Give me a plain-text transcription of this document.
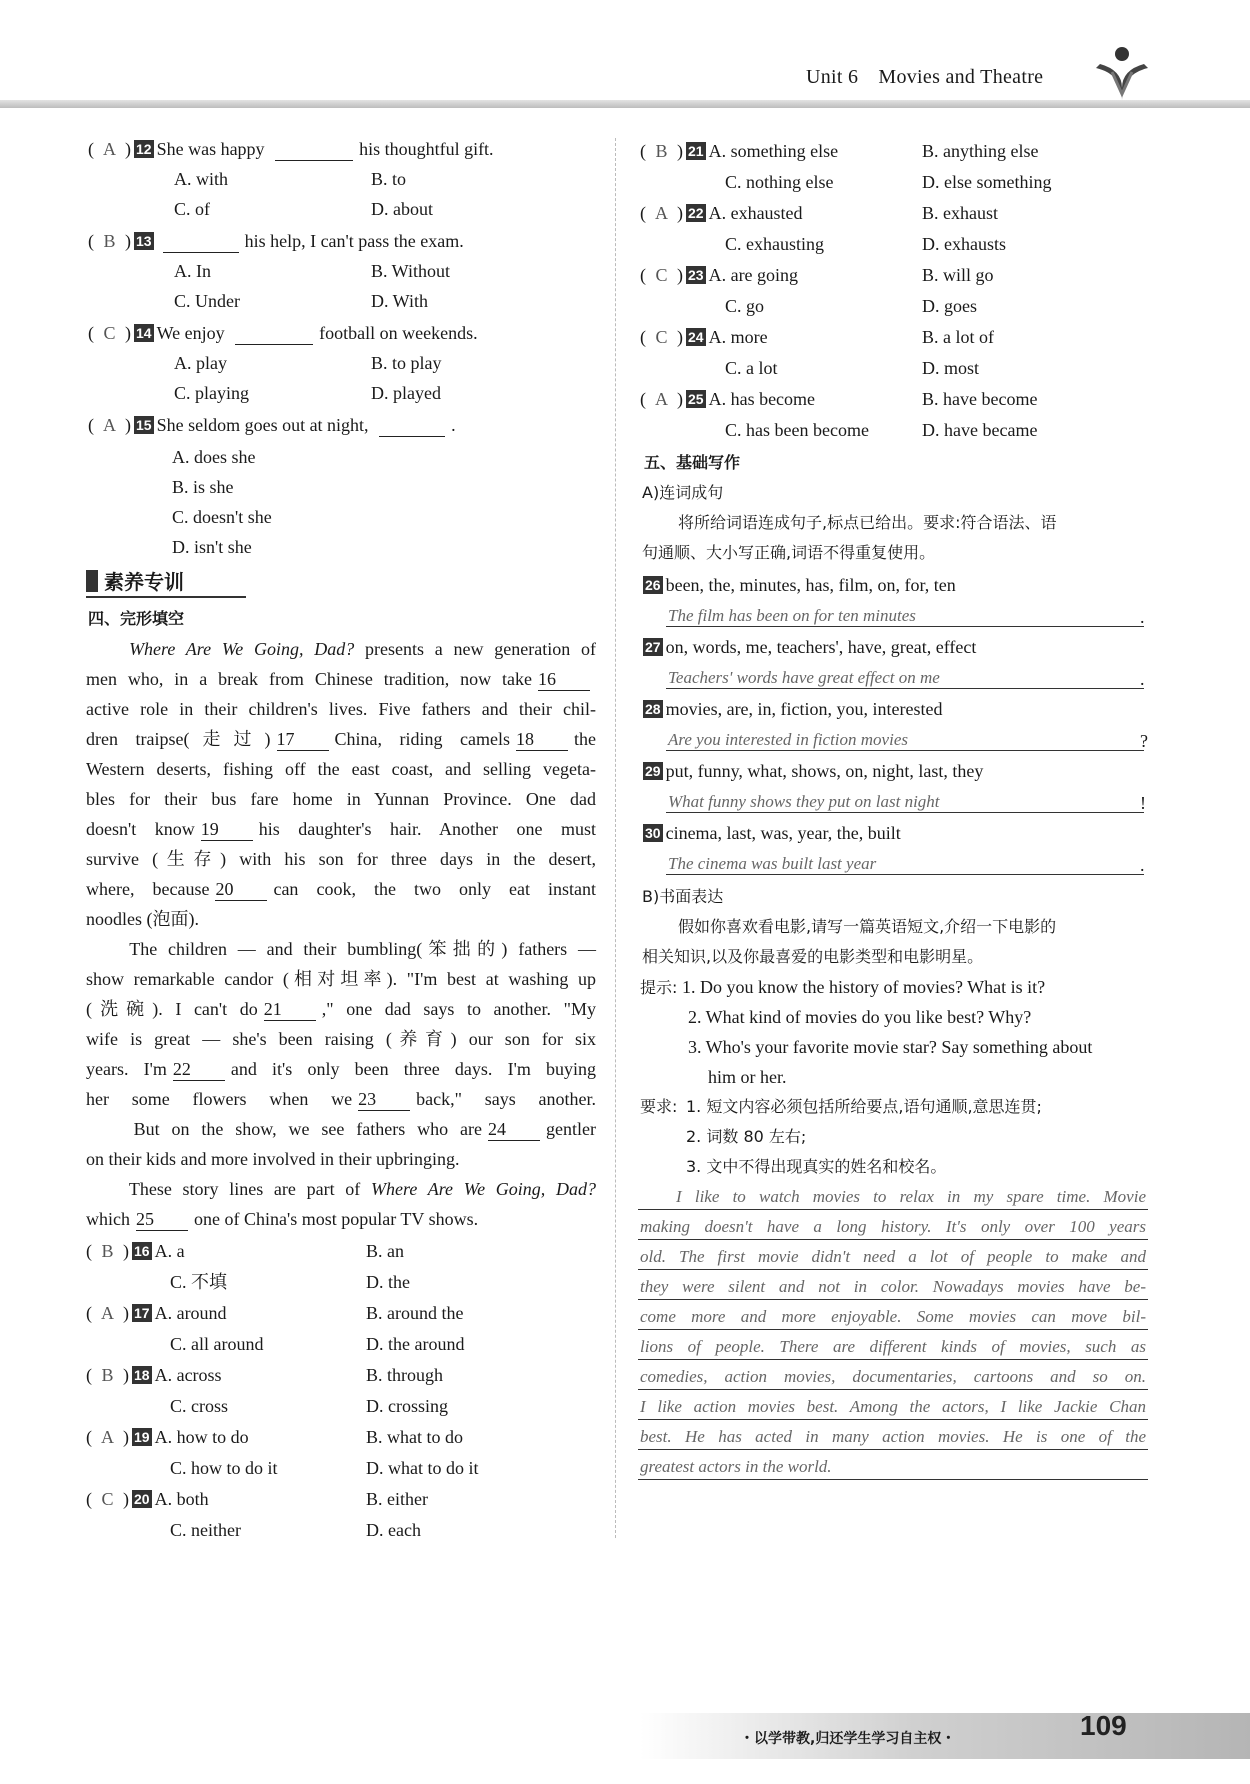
Unit 6 Movies and Theatre
( A ) 12 She was happy	his thoughtful gift.
A. with	B. to
C. of	D. about
( B ) 13	his help, I can't pass the exam.
A. In	B. Without
C. Under	D. With
( C ) 14 We enjoy	football on weekends.
A. play	B. to play
C. playing	D. played
( A ) 15 She seldom goes out at night,	.
A. does she
B. is she
C. doesn't she
D. isn't she
素养专训
四、完形填空
Where Are We Going, Dad? presents a new generation of
men who, in a break from Chinese tradition, now take 16
active role in their children's lives. Five fathers and their chil-
dren traipse(走过) 17 China, riding camels 18 the
Western deserts, fishing off the east coast, and selling vegeta-
bles for their bus fare home in Yunnan Province. One dad
doesn't know 19 his daughter's hair. Another one must
survive (生存) with his son for three days in the desert,
where, because 20 can cook, the two only eat instant
noodles (泡面).
The children — and their bumbling(笨拙的) fathers —
show remarkable candor (相对坦率). "I'm best at washing up
(洗碗). I can't do 21 ," one dad says to another. "My
wife is great — she's been raising (养育) our son for six
years. I'm 22 and it's only been three days. I'm buying
her some flowers when we 23 back," says another.
But on the show, we see fathers who are 24 gentler
on their kids and more involved in their upbringing.
These story lines are part of Where Are We Going, Dad?
which 25 one of China's most popular TV shows.
( B ) 16 A. a	B. an
C. 不填	D. the
( A ) 17 A. around	B. around the
C. all around	D. the around
( B ) 18 A. across	B. through
C. cross	D. crossing
( A ) 19 A. how to do	B. what to do
C. how to do it	D. what to do it
( C ) 20 A. both	B. either
C. neither	D. each
( B ) 21 A. something else	B. anything else
C. nothing else	D. else something
( A ) 22 A. exhausted	B. exhaust
C. exhausting	D. exhausts
( C ) 23 A. are going	B. will go
C. go	D. goes
( C ) 24 A. more	B. a lot of
C. a lot	D. most
( A ) 25 A. has become	B. have become
C. has been become	D. have became
五、基础写作
A)连词成句
将所给词语连成句子,标点已给出。要求:符合语法、语
句通顺、大小写正确,词语不得重复使用。
26 been, the, minutes, has, film, on, for, ten
The film has been on for ten minutes	.
27 on, words, me, teachers', have, great, effect
Teachers' words have great effect on me	.
28 movies, are, in, fiction, you, interested
Are you interested in fiction movies	?
29 put, funny, what, shows, on, night, last, they
What funny shows they put on last night	!
30 cinema, last, was, year, the, built
The cinema was built last year	.
B)书面表达
假如你喜欢看电影,请写一篇英语短文,介绍一下电影的
相关知识,以及你最喜爱的电影类型和电影明星。
提示: 1. Do you know the history of movies? What is it?
2. What kind of movies do you like best? Why?
3. Who's your favorite movie star? Say something about
him or her.
要求: 1. 短文内容必须包括所给要点,语句通顺,意思连贯;
2. 词数 80 左右;
3. 文中不得出现真实的姓名和校名。
I like to watch movies to relax in my spare time. Movie
making doesn't have a long history. It's only over 100 years
old. The first movie didn't need a lot of people to make and
they were silent and not in color. Nowadays movies have be-
come more and more enjoyable. Some movies can move bil-
lions of people. There are different kinds of movies, such as
comedies, action movies, documentaries, cartoons and so on.
I like action movies best. Among the actors, I like Jackie Chan
best. He has acted in many action movies. He is one of the
greatest actors in the world.
・以学带教,归还学生学习自主权・	109
